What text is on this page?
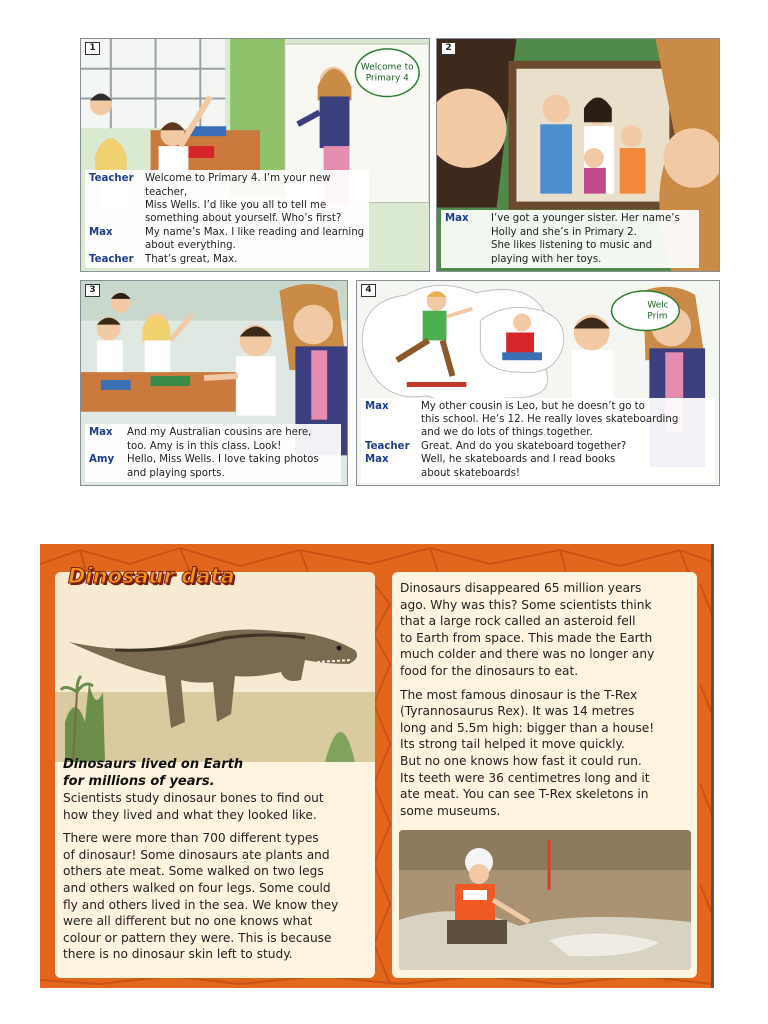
1
Welcome to
Primary 4
Teacher	Welcome to Primary 4. I’m your new teacher,
Miss Wells. I’d like you all to tell me
something about yourself. Who’s first?
Max	My name’s Max. I like reading and learning
about everything.
Teacher	That’s great, Max.
2
Max	I’ve got a younger sister. Her name’s
Holly and she’s in Primary 2.
She likes listening to music and
playing with her toys.
3
Max	And my Australian cousins are here,
too. Amy is in this class. Look!
Amy	Hello, Miss Wells. I love taking photos
and playing sports.
4
Welc
Prim
Max	My other cousin is Leo, but he doesn’t go to
this school. He’s 12. He really loves skateboarding
and we do lots of things together.
Teacher	Great. And do you skateboard together?
Max	Well, he skateboards and I read books
about skateboards!
Dinosaur data
Dinosaurs lived on Earth
for millions of years.
Scientists study dinosaur bones to find out
how they lived and what they looked like.
There were more than 700 different types
of dinosaur! Some dinosaurs ate plants and
others ate meat. Some walked on two legs
and others walked on four legs. Some could
fly and others lived in the sea. We know they
were all different but no one knows what
colour or pattern they were. This is because
there is no dinosaur skin left to study.
Dinosaurs disappeared 65 million years
ago. Why was this? Some scientists think
that a large rock called an asteroid fell
to Earth from space. This made the Earth
much colder and there was no longer any
food for the dinosaurs to eat.
The most famous dinosaur is the T-Rex
(Tyrannosaurus Rex). It was 14 metres
long and 5.5m high: bigger than a house!
Its strong tail helped it move quickly.
But no one knows how fast it could run.
Its teeth were 36 centimetres long and it
ate meat. You can see T-Rex skeletons in
some museums.
